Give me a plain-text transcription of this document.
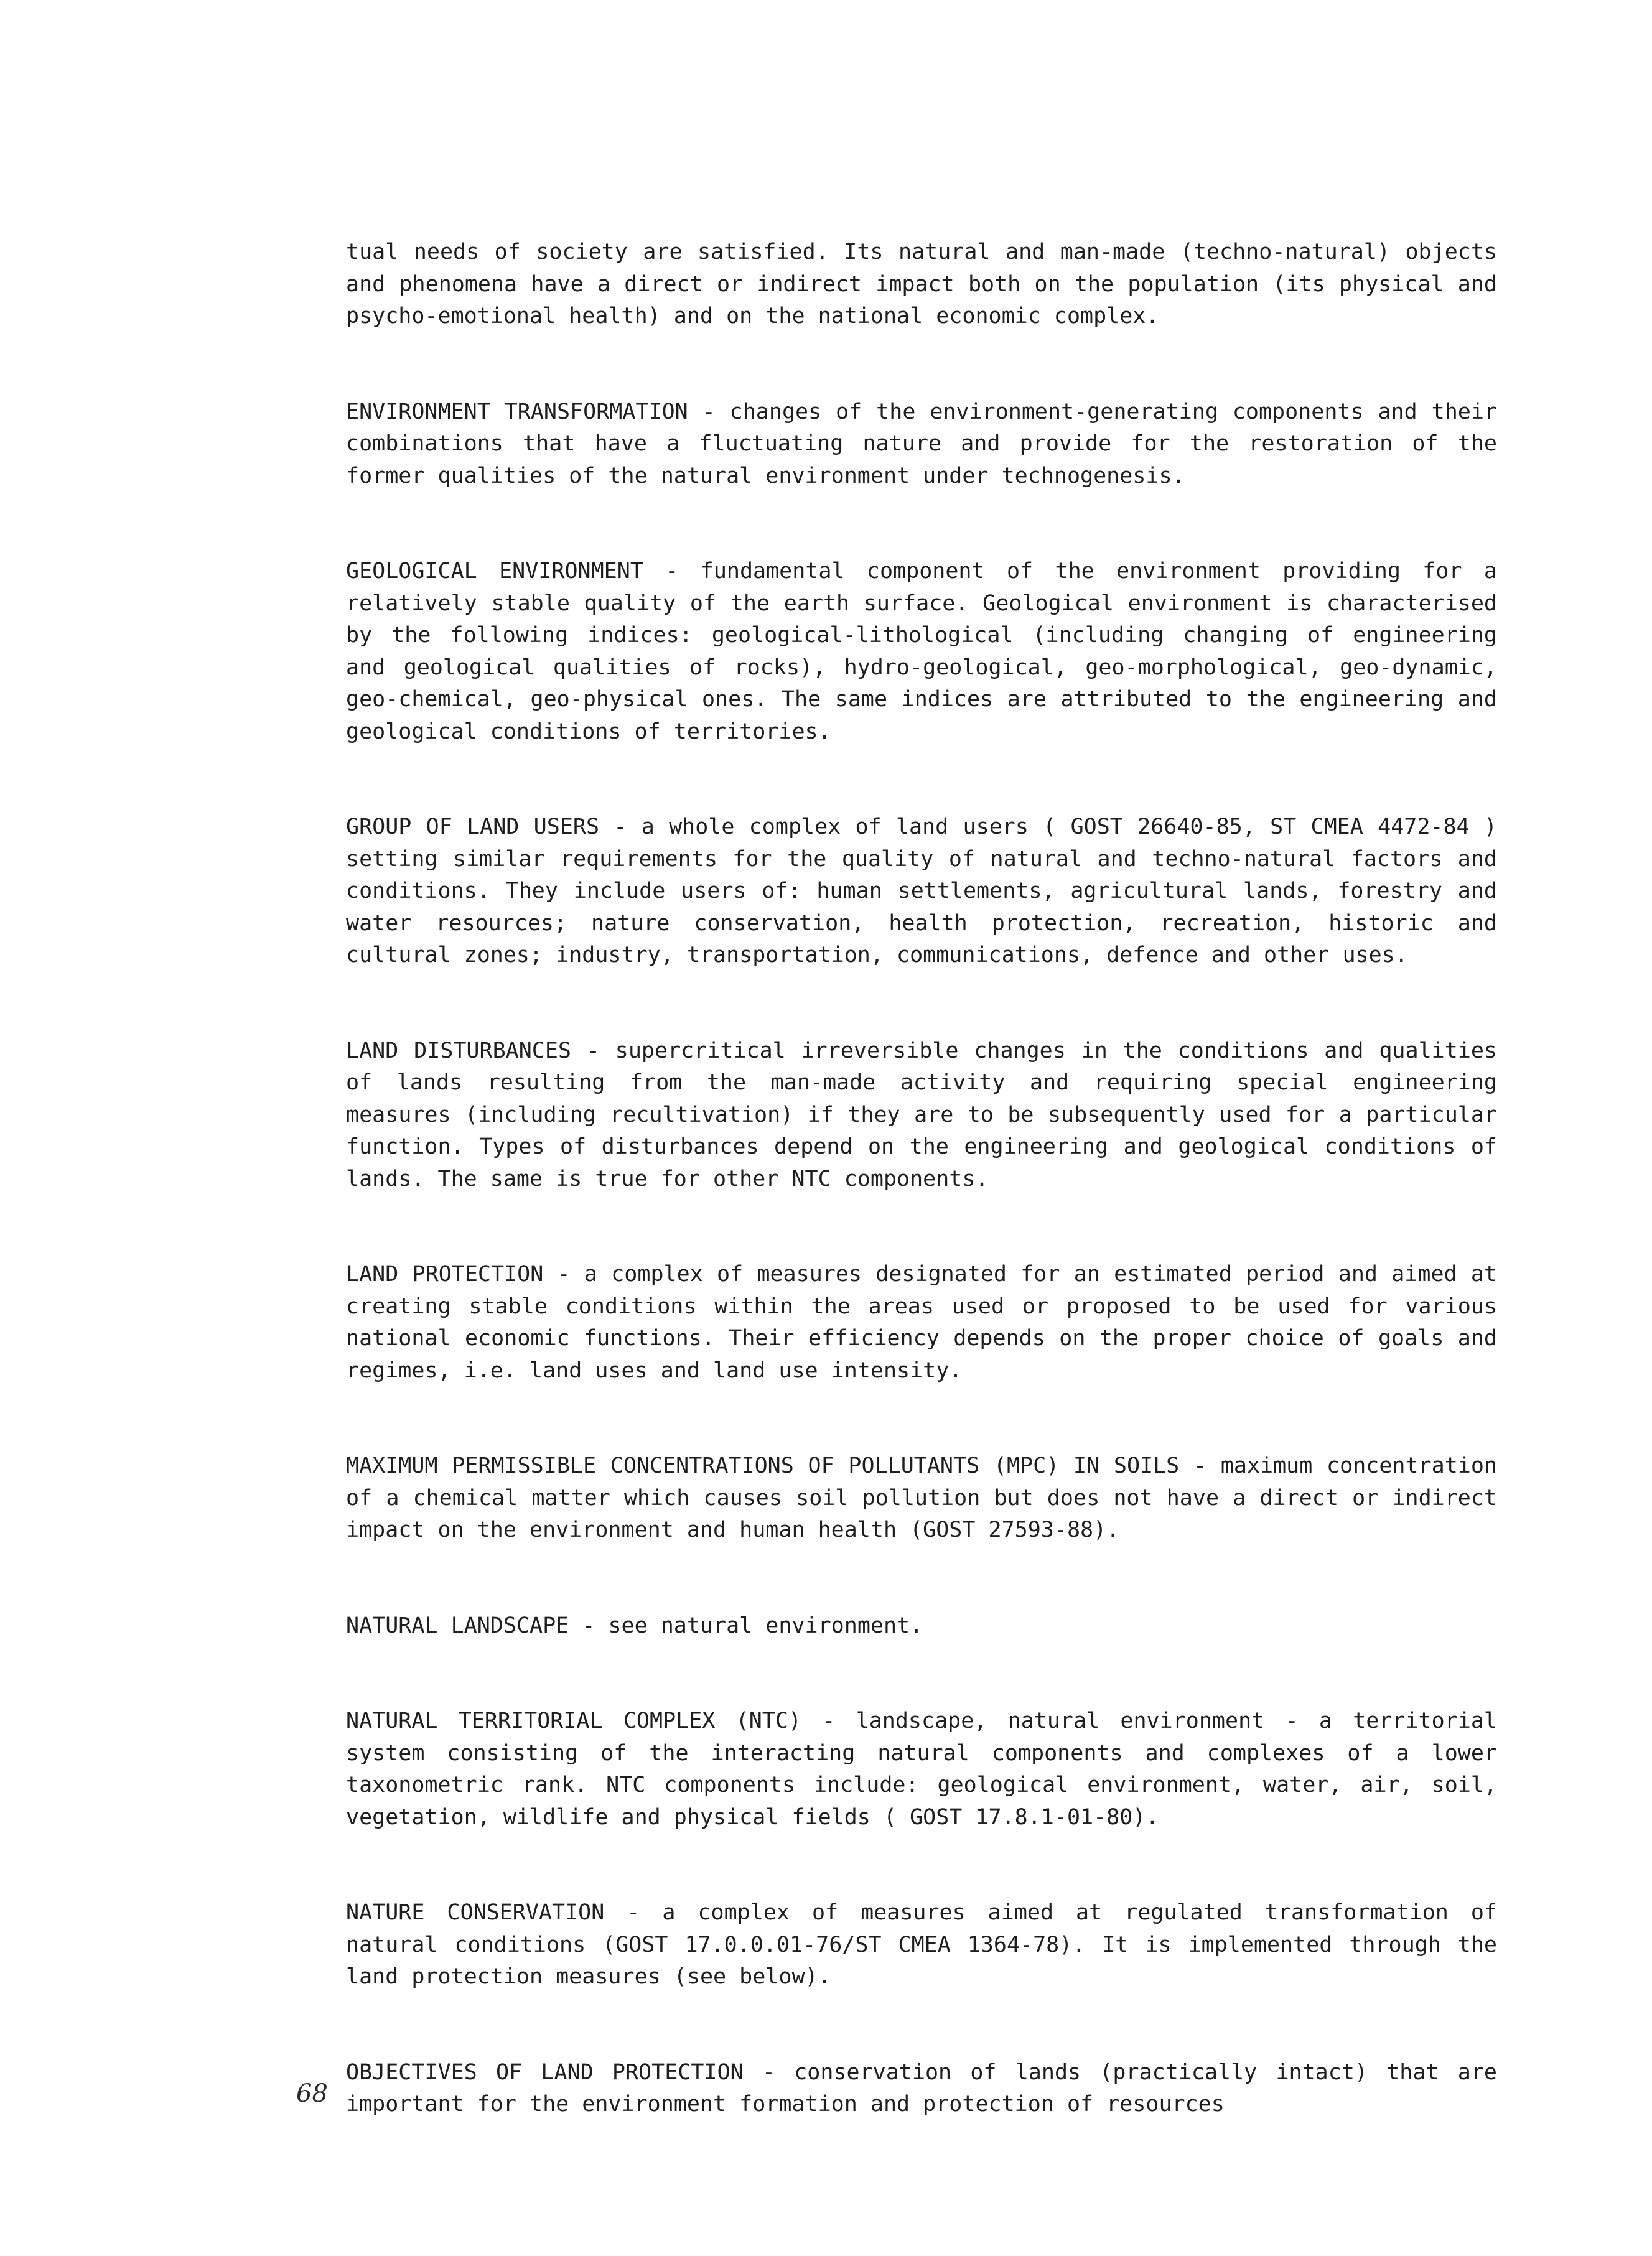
tual needs of society are satisfied. Its natural and man-made (techno-natural) objects and phenomena have a direct or indirect impact both on the population (its physical and psycho-emotional health) and on the national economic complex.

ENVIRONMENT TRANSFORMATION - changes of the environment-generating components and their combinations that have a fluctuating nature and provide for the restoration of the former qualities of the natural environment under technogenesis.

GEOLOGICAL ENVIRONMENT - fundamental component of the environment providing for a relatively stable quality of the earth surface. Geological environment is characterised by the following indices: geological-lithological (including changing of engineering and geological qualities of rocks), hydro-geological, geo-morphological, geo-dynamic, geo-chemical, geo-physical ones. The same indices are attributed to the engineering and geological conditions of territories.

GROUP OF LAND USERS - a whole complex of land users ( GOST 26640-85, ST CMEA 4472-84 ) setting similar requirements for the quality of natural and techno-natural factors and conditions. They include users of: human settlements, agricultural lands, forestry and water resources; nature conservation, health protection, recreation, historic and cultural zones; industry, transportation, communications, defence and other uses.

LAND DISTURBANCES - supercritical irreversible changes in the conditions and qualities of lands resulting from the man-made activity and requiring special engineering measures (including recultivation) if they are to be subsequently used for a particular function. Types of disturbances depend on the engineering and geological conditions of lands. The same is true for other NTC components.

LAND PROTECTION - a complex of measures designated for an estimated period and aimed at creating stable conditions within the areas used or proposed to be used for various national economic functions. Their efficiency depends on the proper choice of goals and regimes, i.e. land uses and land use intensity.

MAXIMUM PERMISSIBLE CONCENTRATIONS OF POLLUTANTS (MPC) IN SOILS - maximum concentration of a chemical matter which causes soil pollution but does not have a direct or indirect impact on the environment and human health (GOST 27593-88).

NATURAL LANDSCAPE - see natural environment.

NATURAL TERRITORIAL COMPLEX (NTC) - landscape, natural environment - a territorial system consisting of the interacting natural components and complexes of a lower taxonometric rank. NTC components include: geological environment, water, air, soil, vegetation, wildlife and physical fields ( GOST 17.8.1-01-80).

NATURE CONSERVATION - a complex of measures aimed at regulated transformation of natural conditions (GOST 17.0.0.01-76/ST CMEA 1364-78). It is implemented through the land protection measures (see below).

OBJECTIVES OF LAND PROTECTION - conservation of lands (practically intact) that are important for the environment formation and protection of resources

68
